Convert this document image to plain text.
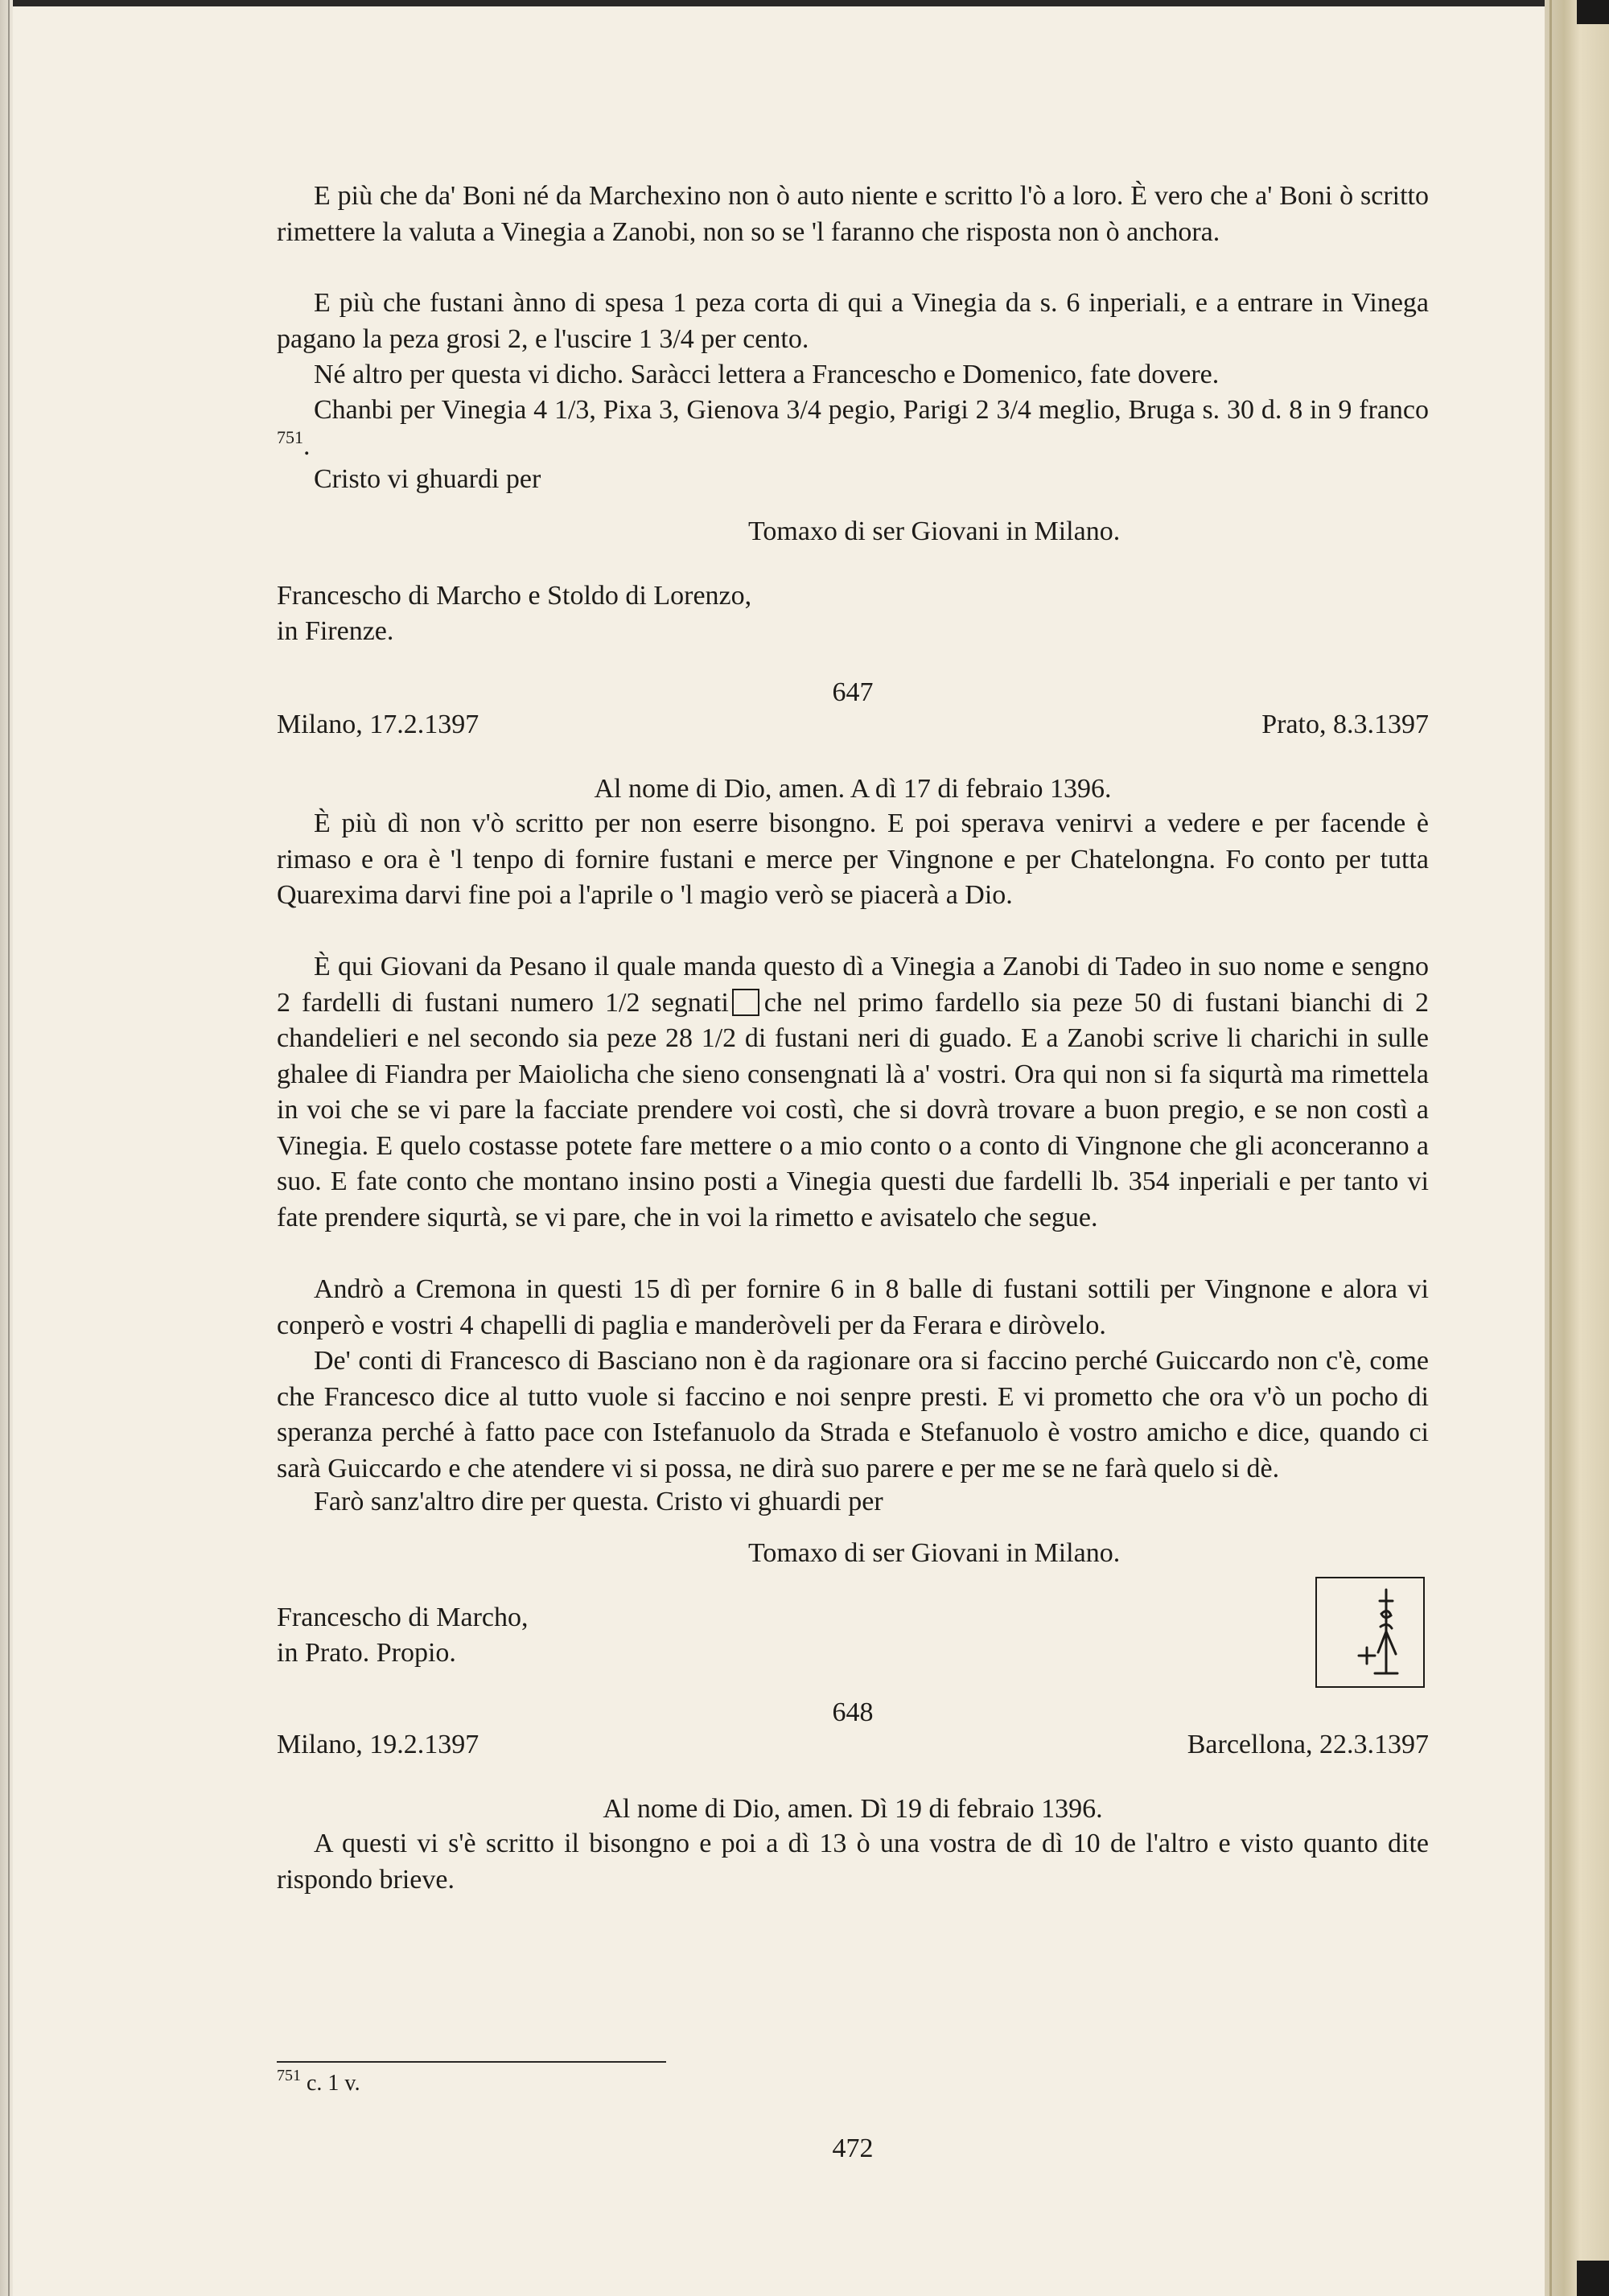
E più che da' Boni né da Marchexino non ò auto niente e scritto l'ò a loro. È vero che a' Boni ò scritto rimettere la valuta a Vinegia a Zanobi, non so se 'l faranno che risposta non ò anchora.

E più che fustani ànno di spesa 1 peza corta di qui a Vinegia da s. 6 inperiali, e a entrare in Vinega pagano la peza grosi 2, e l'uscire 1 3/4 per cento.

Né altro per questa vi dicho. Saràcci lettera a Francescho e Domenico, fate dovere.

Chanbi per Vinegia 4 1/3, Pixa 3, Gienova 3/4 pegio, Parigi 2 3/4 meglio, Bruga s. 30 d. 8 in 9 franco $^{751}$.

Cristo vi ghuardi per
Tomaxo di ser Giovani in Milano.
Francescho di Marcho e Stoldo di Lorenzo,
in Firenze.
647
Milano, 17.2.1397	Prato, 8.3.1397
Al nome di Dio, amen. A dì 17 di febraio 1396.

È più dì non v'ò scritto per non eserre bisongno. E poi sperava venirvi a vedere e per facende è rimaso e ora è 'l tenpo di fornire fustani e merce per Vingnone e per Chatelongna. Fo conto per tutta Quarexima darvi fine poi a l'aprile o 'l magio verò se piacerà a Dio.

È qui Giovani da Pesano il quale manda questo dì a Vinegia a Zanobi di Tadeo in suo nome e sengno 2 fardelli di fustani numero 1/2 segnati che nel primo fardello sia peze 50 di fustani bianchi di 2 chandelieri e nel secondo sia peze 28 1/2 di fustani neri di guado. E a Zanobi scrive li charichi in sulle ghalee di Fiandra per Maiolicha che sieno consengnati là a' vostri. Ora qui non si fa siqurtà ma rimettela in voi che se vi pare la facciate prendere voi costì, che si dovrà trovare a buon pregio, e se non costì a Vinegia. E quelo costasse potete fare mettere o a mio conto o a conto di Vingnone che gli aconceranno a suo. E fate conto che montano insino posti a Vinegia questi due fardelli lb. 354 inperiali e per tanto vi fate prendere siqurtà, se vi pare, che in voi la rimetto e avisatelo che segue.

Andrò a Cremona in questi 15 dì per fornire 6 in 8 balle di fustani sottili per Vingnone e alora vi conperò e vostri 4 chapelli di paglia e manderòveli per da Ferara e diròvelo.

De' conti di Francesco di Basciano non è da ragionare ora si faccino perché Guiccardo non c'è, come che Francesco dice al tutto vuole si faccino e noi senpre presti. E vi prometto che ora v'ò un pocho di speranza perché à fatto pace con Istefanuolo da Strada e Stefanuolo è vostro amicho e dice, quando ci sarà Guiccardo e che atendere vi si possa, ne dirà suo parere e per me se ne farà quelo si dè.

Farò sanz'altro dire per questa. Cristo vi ghuardi per
Tomaxo di ser Giovani in Milano.
Francescho di Marcho,
in Prato. Propio.
648
Milano, 19.2.1397	Barcellona, 22.3.1397
Al nome di Dio, amen. Dì 19 di febraio 1396.

A questi vi s'è scritto il bisongno e poi a dì 13 ò una vostra de dì 10 de l'altro e visto quanto dite rispondo brieve.

$^{751}$ c. 1 v.
472
